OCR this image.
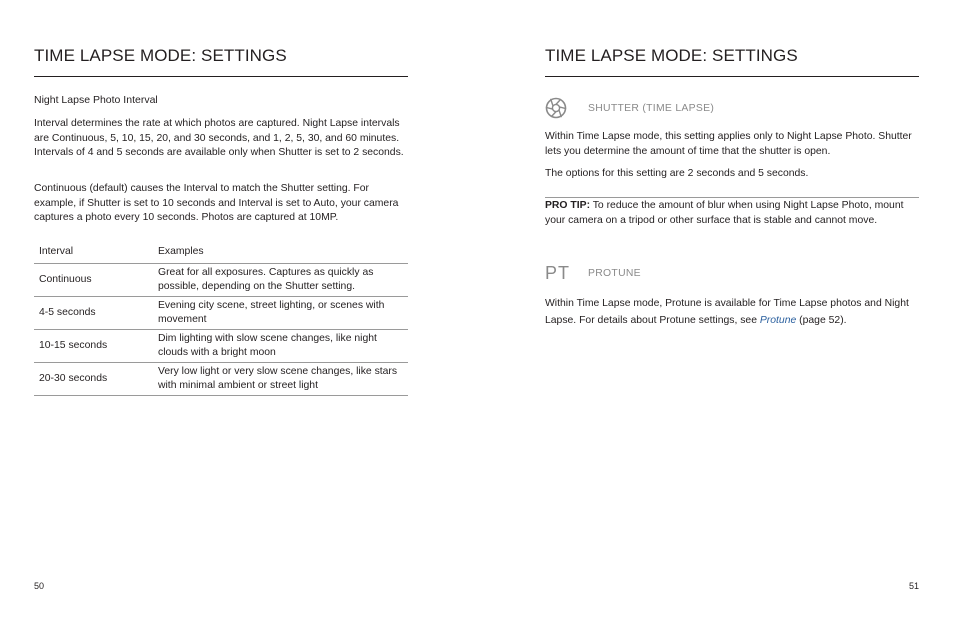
TIME LAPSE MODE: SETTINGS
Night Lapse Photo Interval

Interval determines the rate at which photos are captured. Night Lapse intervals are Continuous, 5, 10, 15, 20, and 30 seconds, and 1, 2, 5, 30, and 60 minutes. Intervals of 4 and 5 seconds are available only when Shutter is set to 2 seconds.

Continuous (default) causes the Interval to match the Shutter setting. For example, if Shutter is set to 10 seconds and Interval is set to Auto, your camera captures a photo every 10 seconds. Photos are captured at 10MP.

Interval	Examples
Continuous	Great for all exposures. Captures as quickly as possible, depending on the Shutter setting.
4-5 seconds	Evening city scene, street lighting, or scenes with movement
10-15 seconds	Dim lighting with slow scene changes, like night clouds with a bright moon
20-30 seconds	Very low light or very slow scene changes, like stars with minimal ambient or street light
50
TIME LAPSE MODE: SETTINGS
SHUTTER (TIME LAPSE)

Within Time Lapse mode, this setting applies only to Night Lapse Photo. Shutter lets you determine the amount of time that the shutter is open.

The options for this setting are 2 seconds and 5 seconds.

PRO TIP: To reduce the amount of blur when using Night Lapse Photo, mount your camera on a tripod or other surface that is stable and cannot move.

PT PROTUNE

Within Time Lapse mode, Protune is available for Time Lapse photos and Night Lapse. For details about Protune settings, see Protune (page 52).

51
